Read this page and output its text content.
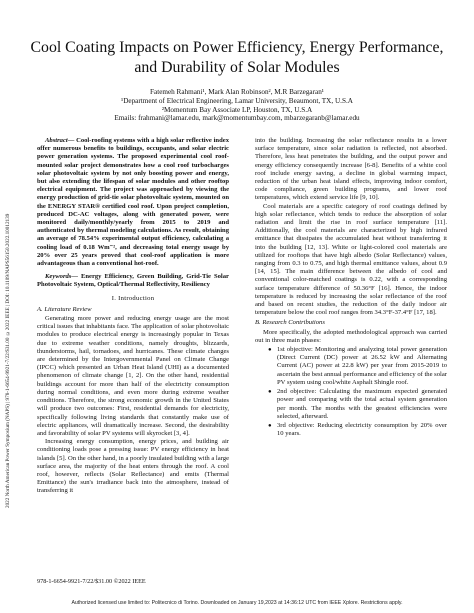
2022 North American Power Symposium (NAPS) | 978-1-6654-9921-7/22/$31.00 ©2022 IEEE | DOI: 10.1109/NAPS56150.2022.10012139
Cool Coating Impacts on Power Efficiency, Energy Performance, and Durability of Solar Modules
Fatemeh Rahmani¹, Mark Alan Robinson², M.R Barzegaran¹
¹Department of Electrical Engineering, Lamar University, Beaumont, TX, U.S.A
²Momentum Bay Associate LP, Houston, TX, U.S.A
Emails: frahmani@lamar.edu, mark@momentumbay.com, mbarzegaranb@lamar.edu

Abstract— Cool-roofing systems with a high solar reflective index offer numerous benefits to buildings, occupants, and solar electric power generation systems. The proposed experimental cool roof-mounted solar project demonstrates how a cool roof turbocharges solar photovoltaic system by not only boosting power and energy, but also extending the lifespan of solar modules and other rooftop electrical equipment. The project was approached by viewing the energy production of grid-tie solar photovoltaic system, mounted on the ENERGY STAR® certified cool roof. Upon project completion, produced DC-AC voltages, along with generated power, were monitored daily/monthly/yearly from 2015 to 2019 and authenticated by thermal modeling calculations. As result, obtaining an average of 78.54% experimental output efficiency, calculating a cooling load of 0.18 Wm⁻², and decreasing total energy usage by 20% over 25 years proved that cool-roof application is more advantageous than a conventional hot-roof.

Keywords— Energy Efficiency, Green Building, Grid-Tie Solar Photovoltaic System, Optical/Thermal Reflectivity, Resiliency

I. Introduction
A. Literature Review

Generating more power and reducing energy usage are the most critical issues that inhabitants face. The application of solar photovoltaic modules to produce electrical energy is increasingly popular in Texas due to extreme weather conditions, namely droughts, blizzards, thunderstorms, hail, tornadoes, and hurricanes. These climate changes are determined by the Intergovernmental Panel on Climate Change (IPCC) which presented an Urban Heat Island (UHI) as a documented phenomenon of climate change [1, 2]. On the other hand, residential buildings account for more than half of the electricity consumption during normal conditions, and even more during extreme weather conditions. Therefore, the strong economic growth in the United States will produce two outcomes: First, residential demands for electricity, specifically following living standards that constantly make use of electric appliances, will dramatically increase. Second, the desirability and favorability of solar PV systems will skyrocket [3, 4].

Increasing energy consumption, energy prices, and building air conditioning loads pose a pressing issue: PV energy efficiency in heat islands [5]. On the other hand, in a poorly insulated building with a large surface area, the majority of the heat enters through the roof. A cool roof, however, reflects (Solar Reflectance) and emits (Thermal Emittance) the sun's irradiance back into the atmosphere, instead of transferring it

into the building. Increasing the solar reflectance results in a lower surface temperature, since solar radiation is reflected, not absorbed. Therefore, less heat penetrates the building, and the output power and energy efficiency consequently increase [6-8]. Benefits of a white cool roof include energy saving, a decline in global warming impact, reduction of the urban heat island effects, improving indoor comfort, code compliance, green building programs, and lower roof temperatures, which extend service life [9, 10].

Cool materials are a specific category of roof coatings defined by high solar reflectance, which tends to reduce the absorption of solar radiation and limit the rise in roof surface temperature [11]. Additionally, the cool materials are characterized by high infrared emittance that dissipates the accumulated heat without transferring it into the building [12, 13]. White or light-colored cool materials are utilized for rooftops that have high albedo (Solar Reflectance) values, ranging from 0.3 to 0.75, and high thermal emittance values, about 0.9 [14, 15]. The main difference between the albedo of cool and conventional color-matched coatings is 0.22, with a corresponding surface temperature difference of 50.36°F [16]. Hence, the indoor temperature is reduced by increasing the solar reflectance of the roof and based on recent studies, the reduction of the daily indoor air temperature below the cool roof ranges from 34.3°F-37.4°F [17, 18].

B. Research Contributions

More specifically, the adopted methodological approach was carried out in three main phases:

● 1st objective: Monitoring and analyzing total power generation (Direct Current (DC) power at 26.52 kW and Alternating Current (AC) power at 22.8 kW) per year from 2015-2019 to ascertain the best annual performance and efficiency of the solar PV system using cool/white Asphalt Shingle roof.
● 2nd objective: Calculating the maximum expected generated power and comparing with the total actual system generation per month. The months with the greatest efficiencies were selected, afterward.
● 3rd objective: Reducing electricity consumption by 20% over 10 years.
978-1-6654-9921-7/22/$31.00 ©2022 IEEE
Authorized licensed use limited to: Politecnico di Torino. Downloaded on January 19,2023 at 14:36:12 UTC from IEEE Xplore. Restrictions apply.
